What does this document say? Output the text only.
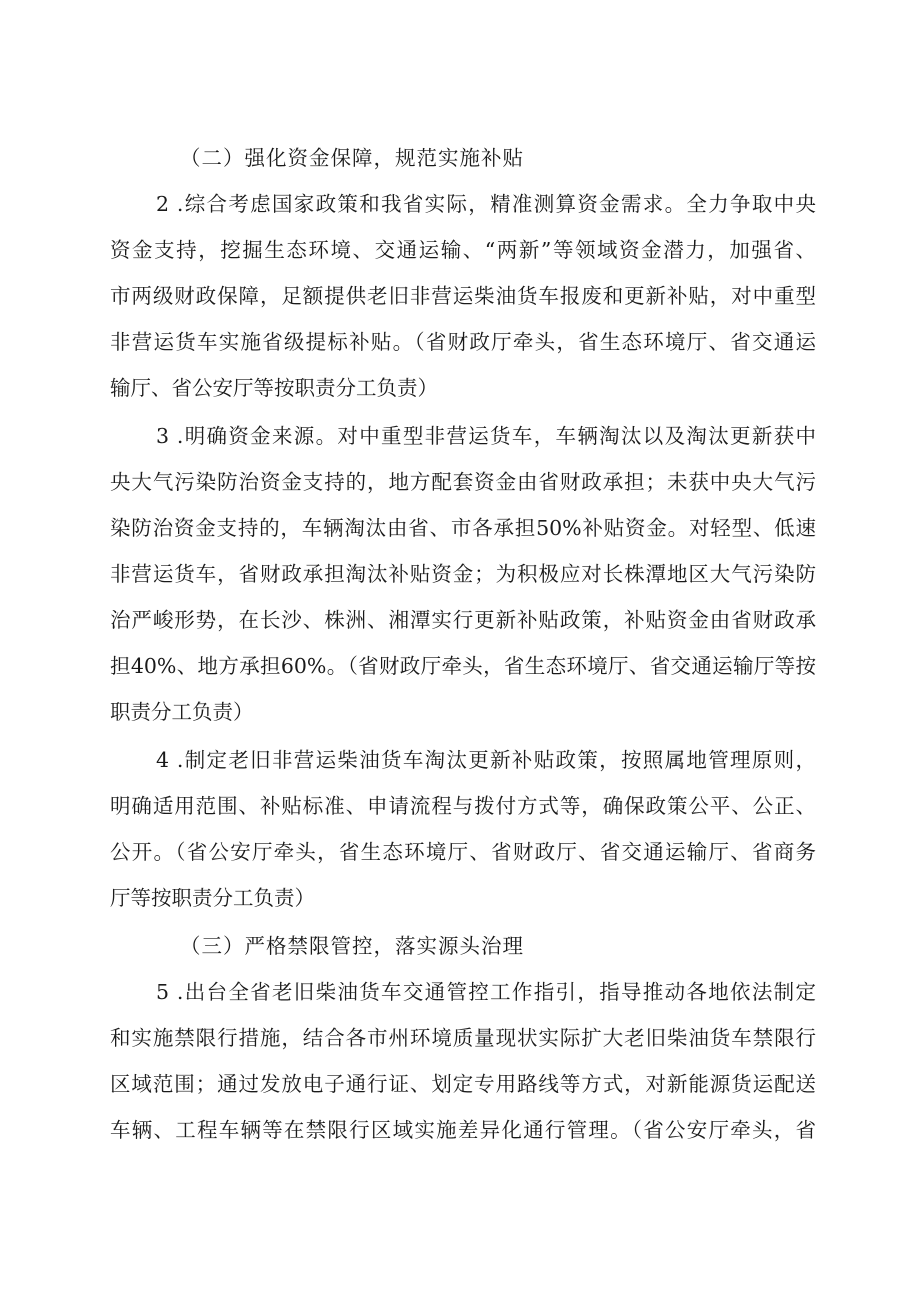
（二）强化资金保障，规范实施补贴
2 .综合考虑国家政策和我省实际，精准测算资金需求。全力争取中央
资金支持，挖掘生态环境、交通运输、“两新”等领域资金潜力，加强省、
市两级财政保障，足额提供老旧非营运柴油货车报废和更新补贴，对中重型
非营运货车实施省级提标补贴。（省财政厅牵头，省生态环境厅、省交通运
输厅、省公安厅等按职责分工负责）
3 .明确资金来源。对中重型非营运货车，车辆淘汰以及淘汰更新获中
央大气污染防治资金支持的，地方配套资金由省财政承担；未获中央大气污
染防治资金支持的，车辆淘汰由省、市各承担50%补贴资金。对轻型、低速
非营运货车，省财政承担淘汰补贴资金；为积极应对长株潭地区大气污染防
治严峻形势，在长沙、株洲、湘潭实行更新补贴政策，补贴资金由省财政承
担40%、地方承担60%。（省财政厅牵头，省生态环境厅、省交通运输厅等按
职责分工负责）
4 .制定老旧非营运柴油货车淘汰更新补贴政策，按照属地管理原则，
明确适用范围、补贴标准、申请流程与拨付方式等，确保政策公平、公正、
公开。（省公安厅牵头，省生态环境厅、省财政厅、省交通运输厅、省商务
厅等按职责分工负责）
（三）严格禁限管控，落实源头治理
5 .出台全省老旧柴油货车交通管控工作指引，指导推动各地依法制定
和实施禁限行措施，结合各市州环境质量现状实际扩大老旧柴油货车禁限行
区域范围；通过发放电子通行证、划定专用路线等方式，对新能源货运配送
车辆、工程车辆等在禁限行区域实施差异化通行管理。（省公安厅牵头，省
